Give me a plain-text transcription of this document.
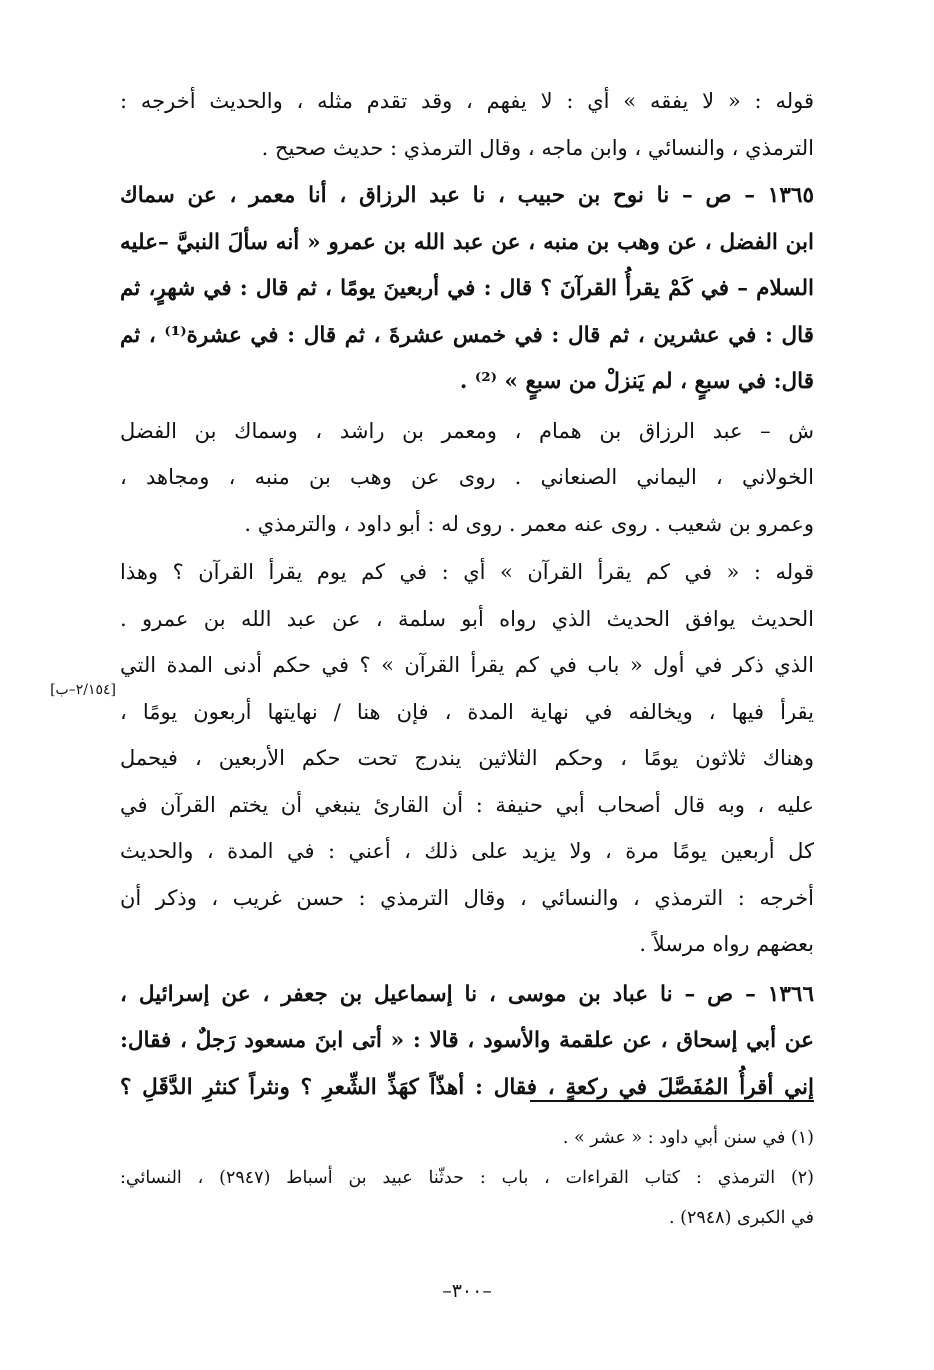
قوله : « لا يفقه » أي : لا يفهم ، وقد تقدم مثله ، والحديث أخرجه :
الترمذي ، والنسائي ، وابن ماجه ، وقال الترمذي : حديث صحيح .
١٣٦٥ – ص – نا نوح بن حبيب ، نا عبد الرزاق ، أنا معمر ، عن سماك
ابن الفضل ، عن وهب بن منبه ، عن عبد الله بن عمرو « أنه سألَ النبيَّ –عليه
السلام – في كَمْ يقرأُ القرآنَ ؟ قال : في أربعينَ يومًا ، ثم قال : في شهرٍ، ثم
قال : في عشرين ، ثم قال : في خمس عشرةَ ، ثم قال : في عشرة⁽¹⁾ ، ثم
قال: في سبعٍ ، لم يَنزلْ من سبعٍ » ⁽²⁾ .
ش – عبد الرزاق بن همام ، ومعمر بن راشد ، وسماك بن الفضل
الخولاني ، اليماني الصنعاني . روى عن وهب بن منبه ، ومجاهد ،
وعمرو بن شعيب . روى عنه معمر . روى له : أبو داود ، والترمذي .
قوله : « في كم يقرأ القرآن » أي : في كم يوم يقرأ القرآن ؟ وهذا
الحديث يوافق الحديث الذي رواه أبو سلمة ، عن عبد الله بن عمرو .
الذي ذكر في أول « باب في كم يقرأ القرآن » ؟ في حكم أدنى المدة التي
يقرأ فيها ، ويخالفه في نهاية المدة ، فإن هنا / نهايتها أربعون يومًا ،
وهناك ثلاثون يومًا ، وحكم الثلاثين يندرج تحت حكم الأربعين ، فيحمل
عليه ، وبه قال أصحاب أبي حنيفة : أن القارئ ينبغي أن يختم القرآن في
كل أربعين يومًا مرة ، ولا يزيد على ذلك ، أعني : في المدة ، والحديث
أخرجه : الترمذي ، والنسائي ، وقال الترمذي : حسن غريب ، وذكر أن
بعضهم رواه مرسلاً .
١٣٦٦ – ص – نا عباد بن موسى ، نا إسماعيل بن جعفر ، عن إسرائيل ،
عن أبي إسحاق ، عن علقمة والأسود ، قالا : « أتى ابنَ مسعود رَجلٌ ، فقال:
إني أقرأُ المُفَصَّلَ في ركعةٍ ، فقال : أهذّاً كهَذِّ الشِّعرِ ؟ ونثراً كنثرِ الدَّقَلِ ؟
[٢/١٥٤–ب]
(١) في سنن أبي داود : « عشر » .
(٢) الترمذي : كتاب القراءات ، باب : حدثّنا عبيد بن أسباط (٢٩٤٧) ، النسائي:
في الكبرى (٢٩٤٨) .
–٣٠٠–
